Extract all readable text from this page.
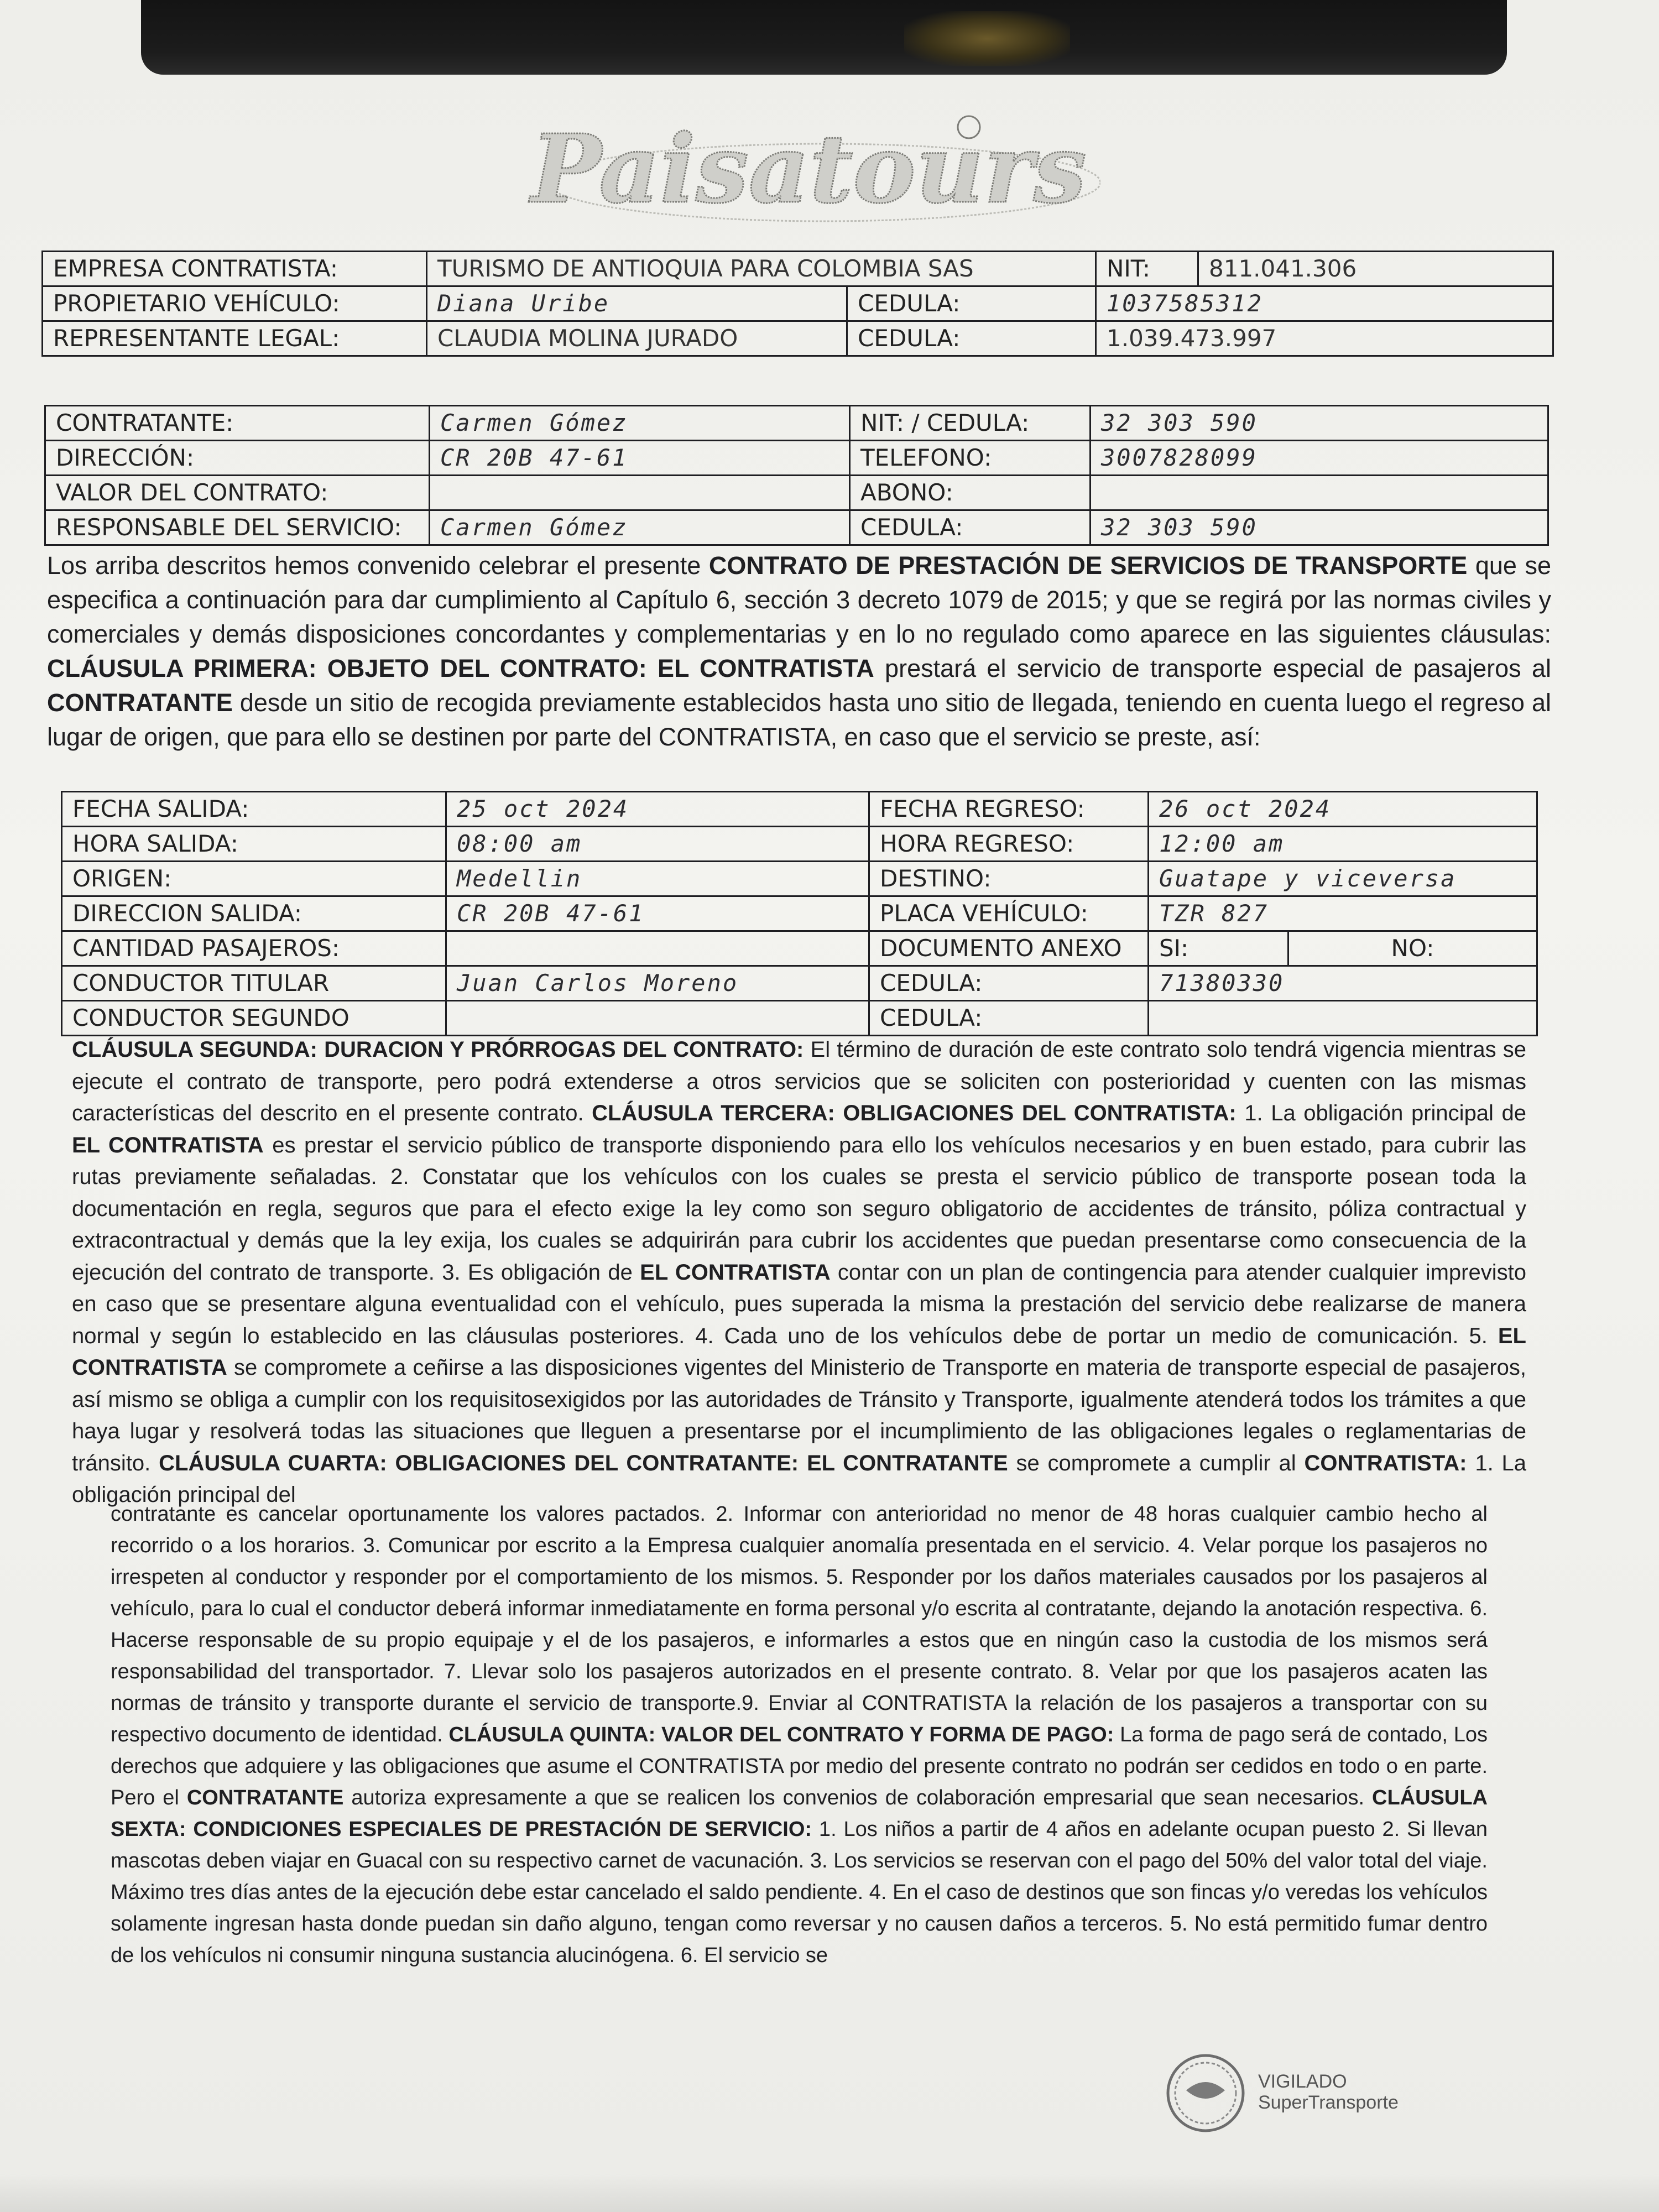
Paisatours
EMPRESA CONTRATISTA:	TURISMO DE ANTIOQUIA PARA COLOMBIA SAS		NIT:	811.041.306
PROPIETARIO VEHÍCULO:	Diana Uribe	CEDULA:	1037585312	
REPRESENTANTE LEGAL:	CLAUDIA MOLINA JURADO	CEDULA:	1.039.473.997	
CONTRATANTE:	Carmen Gómez	NIT: / CEDULA:	32 303 590
DIRECCIÓN:	CR 20B 47-61	TELEFONO:	3007828099
VALOR DEL CONTRATO:		ABONO:	
RESPONSABLE DEL SERVICIO:	Carmen Gómez	CEDULA:	32 303 590

Los arriba descritos hemos convenido celebrar el presente CONTRATO DE PRESTACIÓN DE SERVICIOS DE TRANSPORTE que se especifica a continuación para dar cumplimiento al Capítulo 6, sección 3 decreto 1079 de 2015; y que se regirá por las normas civiles y comerciales y demás disposiciones concordantes y complementarias y en lo no regulado como aparece en las siguientes cláusulas: CLÁUSULA PRIMERA: OBJETO DEL CONTRATO: EL CONTRATISTA prestará el servicio de transporte especial de pasajeros al CONTRATANTE desde un sitio de recogida previamente establecidos hasta uno sitio de llegada, teniendo en cuenta luego el regreso al lugar de origen, que para ello se destinen por parte del CONTRATISTA, en caso que el servicio se preste, así:

FECHA SALIDA:	25 oct 2024	FECHA REGRESO:	26 oct 2024	
HORA SALIDA:	08:00 am	HORA REGRESO:	12:00 am	
ORIGEN:	Medellin	DESTINO:	Guatape y viceversa	
DIRECCION SALIDA:	CR 20B 47-61	PLACA VEHÍCULO:	TZR 827	
CANTIDAD PASAJEROS:		DOCUMENTO ANEXO	SI:	NO:
CONDUCTOR TITULAR	Juan Carlos Moreno	CEDULA:	71380330	
CONDUCTOR SEGUNDO		CEDULA:		

CLÁUSULA SEGUNDA: DURACION Y PRÓRROGAS DEL CONTRATO: El término de duración de este contrato solo tendrá vigencia mientras se ejecute el contrato de transporte, pero podrá extenderse a otros servicios que se soliciten con posterioridad y cuenten con las mismas características del descrito en el presente contrato. CLÁUSULA TERCERA: OBLIGACIONES DEL CONTRATISTA: 1. La obligación principal de EL CONTRATISTA es prestar el servicio público de transporte disponiendo para ello los vehículos necesarios y en buen estado, para cubrir las rutas previamente señaladas. 2. Constatar que los vehículos con los cuales se presta el servicio público de transporte posean toda la documentación en regla, seguros que para el efecto exige la ley como son seguro obligatorio de accidentes de tránsito, póliza contractual y extracontractual y demás que la ley exija, los cuales se adquirirán para cubrir los accidentes que puedan presentarse como consecuencia de la ejecución del contrato de transporte. 3. Es obligación de EL CONTRATISTA contar con un plan de contingencia para atender cualquier imprevisto en caso que se presentare alguna eventualidad con el vehículo, pues superada la misma la prestación del servicio debe realizarse de manera normal y según lo establecido en las cláusulas posteriores. 4. Cada uno de los vehículos debe de portar un medio de comunicación. 5. EL CONTRATISTA se compromete a ceñirse a las disposiciones vigentes del Ministerio de Transporte en materia de transporte especial de pasajeros, así mismo se obliga a cumplir con los requisitosexigidos por las autoridades de Tránsito y Transporte, igualmente atenderá todos los trámites a que haya lugar y resolverá todas las situaciones que lleguen a presentarse por el incumplimiento de las obligaciones legales o reglamentarias de tránsito. CLÁUSULA CUARTA: OBLIGACIONES DEL CONTRATANTE: EL CONTRATANTE se compromete a cumplir al CONTRATISTA: 1. La obligación principal del

contratante es cancelar oportunamente los valores pactados. 2. Informar con anterioridad no menor de 48 horas cualquier cambio hecho al recorrido o a los horarios. 3. Comunicar por escrito a la Empresa cualquier anomalía presentada en el servicio. 4. Velar porque los pasajeros no irrespeten al conductor y responder por el comportamiento de los mismos. 5. Responder por los daños materiales causados por los pasajeros al vehículo, para lo cual el conductor deberá informar inmediatamente en forma personal y/o escrita al contratante, dejando la anotación respectiva. 6. Hacerse responsable de su propio equipaje y el de los pasajeros, e informarles a estos que en ningún caso la custodia de los mismos será responsabilidad del transportador. 7. Llevar solo los pasajeros autorizados en el presente contrato. 8. Velar por que los pasajeros acaten las normas de tránsito y transporte durante el servicio de transporte.9. Enviar al CONTRATISTA la relación de los pasajeros a transportar con su respectivo documento de identidad. CLÁUSULA QUINTA: VALOR DEL CONTRATO Y FORMA DE PAGO: La forma de pago será de contado, Los derechos que adquiere y las obligaciones que asume el CONTRATISTA por medio del presente contrato no podrán ser cedidos en todo o en parte. Pero el CONTRATANTE autoriza expresamente a que se realicen los convenios de colaboración empresarial que sean necesarios. CLÁUSULA SEXTA: CONDICIONES ESPECIALES DE PRESTACIÓN DE SERVICIO: 1. Los niños a partir de 4 años en adelante ocupan puesto 2. Si llevan mascotas deben viajar en Guacal con su respectivo carnet de vacunación. 3. Los servicios se reservan con el pago del 50% del valor total del viaje. Máximo tres días antes de la ejecución debe estar cancelado el saldo pendiente. 4. En el caso de destinos que son fincas y/o veredas los vehículos solamente ingresan hasta donde puedan sin daño alguno, tengan como reversar y no causen daños a terceros. 5. No está permitido fumar dentro de los vehículos ni consumir ninguna sustancia alucinógena. 6. El servicio se

VIGILADO
SuperTransporte
